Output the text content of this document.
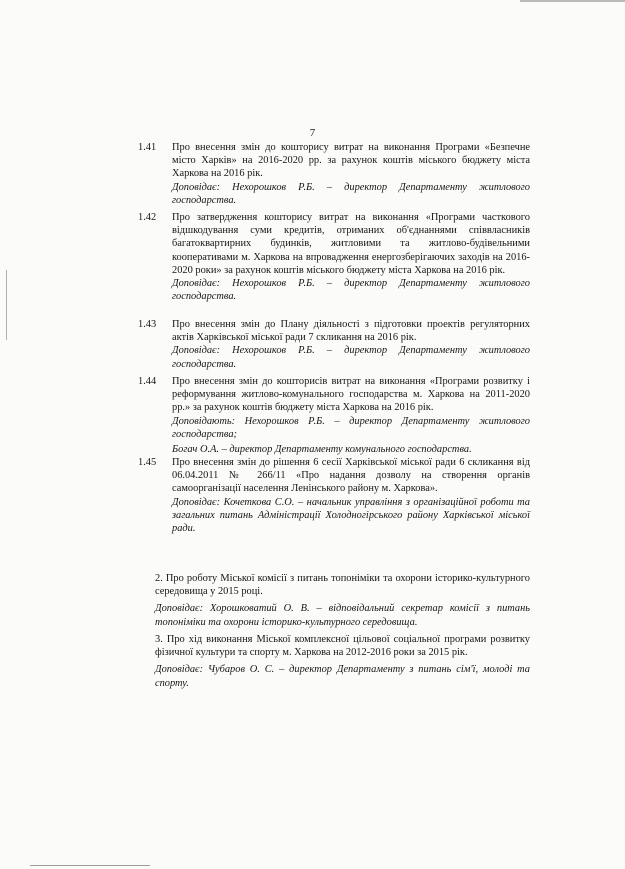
7
1.41	Про внесення змін до кошторису витрат на виконання Програми «Безпечне місто Харків» на 2016-2020 рр. за рахунок коштів міського бюджету міста Харкова на 2016 рік.
Доповідає: Нехорошков Р.Б. – директор Департаменту житлового господарства.
1.42	Про затвердження кошторису витрат на виконання «Програми часткового відшкодування суми кредитів, отриманих об'єднаннями співвласників багатоквартирних будинків, житловими та житлово-будівельними кооперативами м. Харкова на впровадження енергозберігаючих заходів на 2016-2020 роки» за рахунок коштів міського бюджету міста Харкова на 2016 рік.
Доповідає: Нехорошков Р.Б. – директор Департаменту житлового господарства.
1.43	Про внесення змін до Плану діяльності з підготовки проектів регуляторних актів Харківської міської ради 7 скликання на 2016 рік.
Доповідає: Нехорошков Р.Б. – директор Департаменту житлового господарства.
1.44	Про внесення змін до кошторисів витрат на виконання «Програми розвитку і реформування житлово-комунального господарства м. Харкова на 2011-2020 рр.» за рахунок коштів бюджету міста Харкова на 2016 рік.
Доповідають: Нехорошков Р.Б. – директор Департаменту житлового господарства;
Богач О.А. – директор Департаменту комунального господарства.
1.45	Про внесення змін до рішення 6 сесії Харківської міської ради 6 скликання від 06.04.2011 № 266/11 «Про надання дозволу на створення органів самоорганізації населення Ленінського району м. Харкова».
Доповідає: Кочеткова С.О. – начальник управління з організаційної роботи та загальних питань Адміністрації Холодногірського району Харківської міської ради.
2. Про роботу Міської комісії з питань топоніміки та охорони історико-культурного середовища у 2015 році.
Доповідає: Хорошковатий О. В. – відповідальний секретар комісії з питань топоніміки та охорони історико-культурного середовища.
3. Про хід виконання Міської комплексної цільової соціальної програми розвитку фізичної культури та спорту м. Харкова на 2012-2016 роки за 2015 рік.
Доповідає: Чубаров О. С. – директор Департаменту з питань сім'ї, молоді та спорту.
